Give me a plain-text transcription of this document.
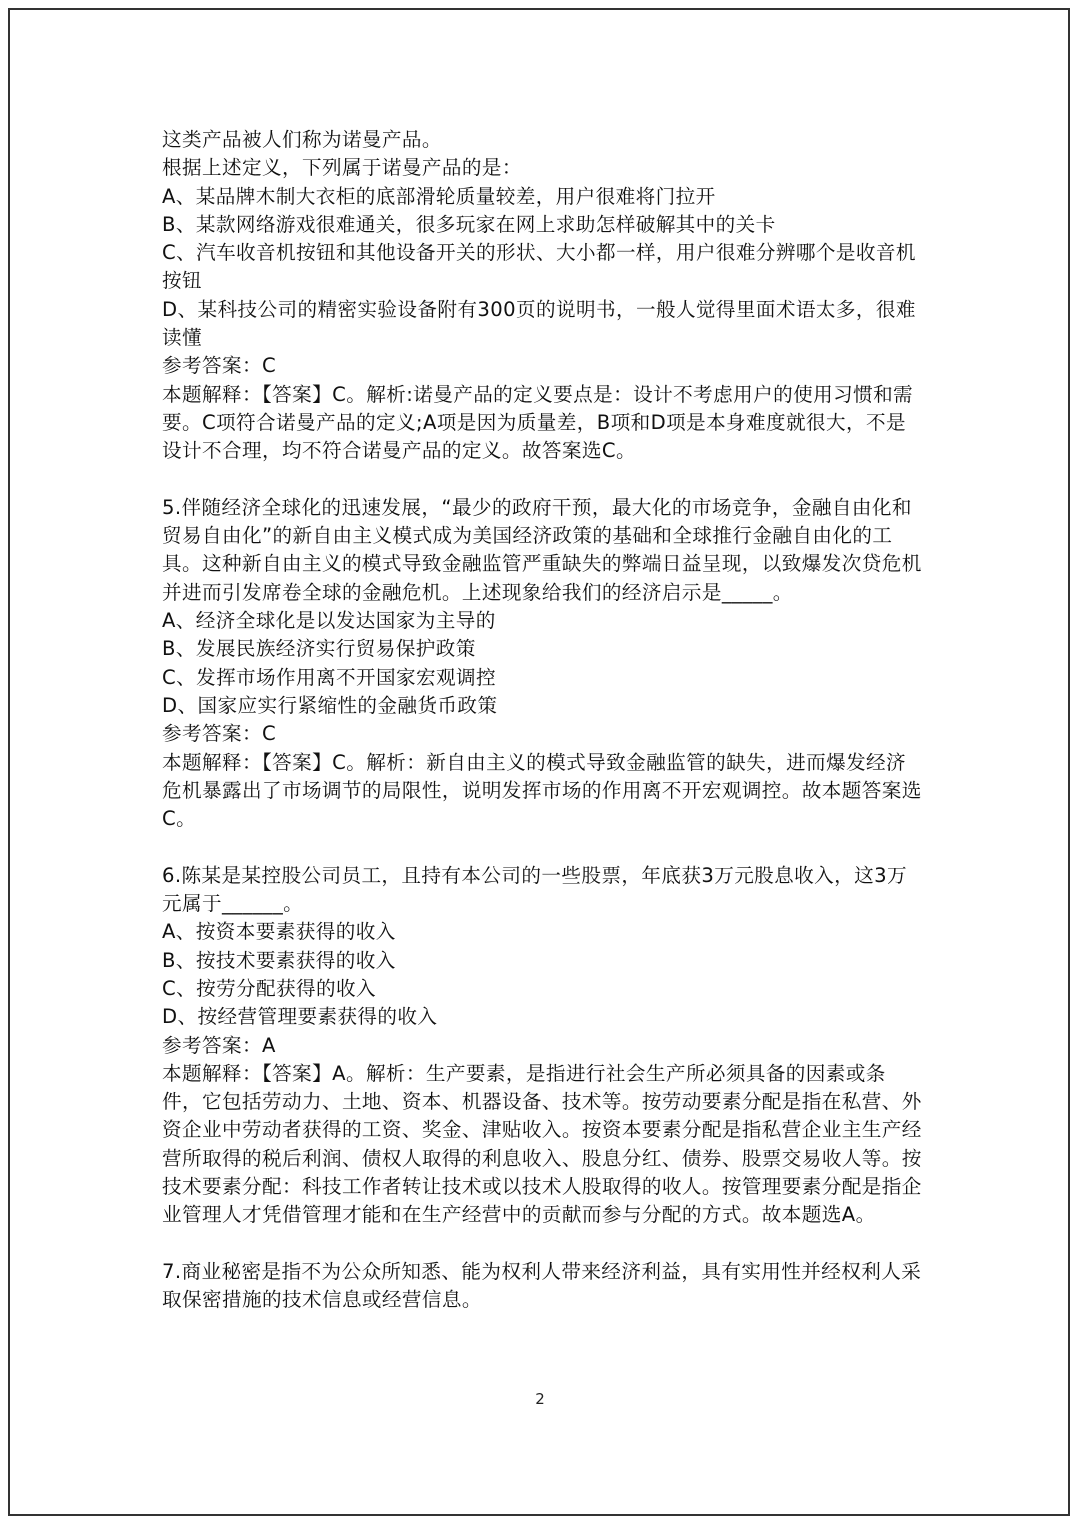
这类产品被人们称为诺曼产品。

根据上述定义，下列属于诺曼产品的是：

A、某品牌木制大衣柜的底部滑轮质量较差，用户很难将门拉开

B、某款网络游戏很难通关，很多玩家在网上求助怎样破解其中的关卡

C、汽车收音机按钮和其他设备开关的形状、大小都一样，用户很难分辨哪个是收音机按钮

D、某科技公司的精密实验设备附有300页的说明书，一般人觉得里面术语太多，很难读懂

参考答案：C

本题解释：【答案】C。解析:诺曼产品的定义要点是：设计不考虑用户的使用习惯和需要。C项符合诺曼产品的定义;A项是因为质量差，B项和D项是本身难度就很大，不是设计不合理，均不符合诺曼产品的定义。故答案选C。

5.伴随经济全球化的迅速发展，“最少的政府干预，最大化的市场竞争，金融自由化和贸易自由化”的新自由主义模式成为美国经济政策的基础和全球推行金融自由化的工具。这种新自由主义的模式导致金融监管严重缺失的弊端日益呈现，以致爆发次贷危机并进而引发席卷全球的金融危机。上述现象给我们的经济启示是_____。

A、经济全球化是以发达国家为主导的

B、发展民族经济实行贸易保护政策

C、发挥市场作用离不开国家宏观调控

D、国家应实行紧缩性的金融货币政策

参考答案：C

本题解释：【答案】C。解析：新自由主义的模式导致金融监管的缺失，进而爆发经济危机暴露出了市场调节的局限性，说明发挥市场的作用离不开宏观调控。故本题答案选C。

6.陈某是某控股公司员工，且持有本公司的一些股票，年底获3万元股息收入，这3万元属于______。

A、按资本要素获得的收入

B、按技术要素获得的收入

C、按劳分配获得的收入

D、按经营管理要素获得的收入

参考答案：A

本题解释：【答案】A。解析：生产要素，是指进行社会生产所必须具备的因素或条件，它包括劳动力、土地、资本、机器设备、技术等。按劳动要素分配是指在私营、外资企业中劳动者获得的工资、奖金、津贴收入。按资本要素分配是指私营企业主生产经营所取得的税后利润、债权人取得的利息收入、股息分红、债券、股票交易收人等。按技术要素分配：科技工作者转让技术或以技术人股取得的收人。按管理要素分配是指企业管理人才凭借管理才能和在生产经营中的贡献而参与分配的方式。故本题选A。

7.商业秘密是指不为公众所知悉、能为权利人带来经济利益，具有实用性并经权利人采取保密措施的技术信息或经营信息。

2
